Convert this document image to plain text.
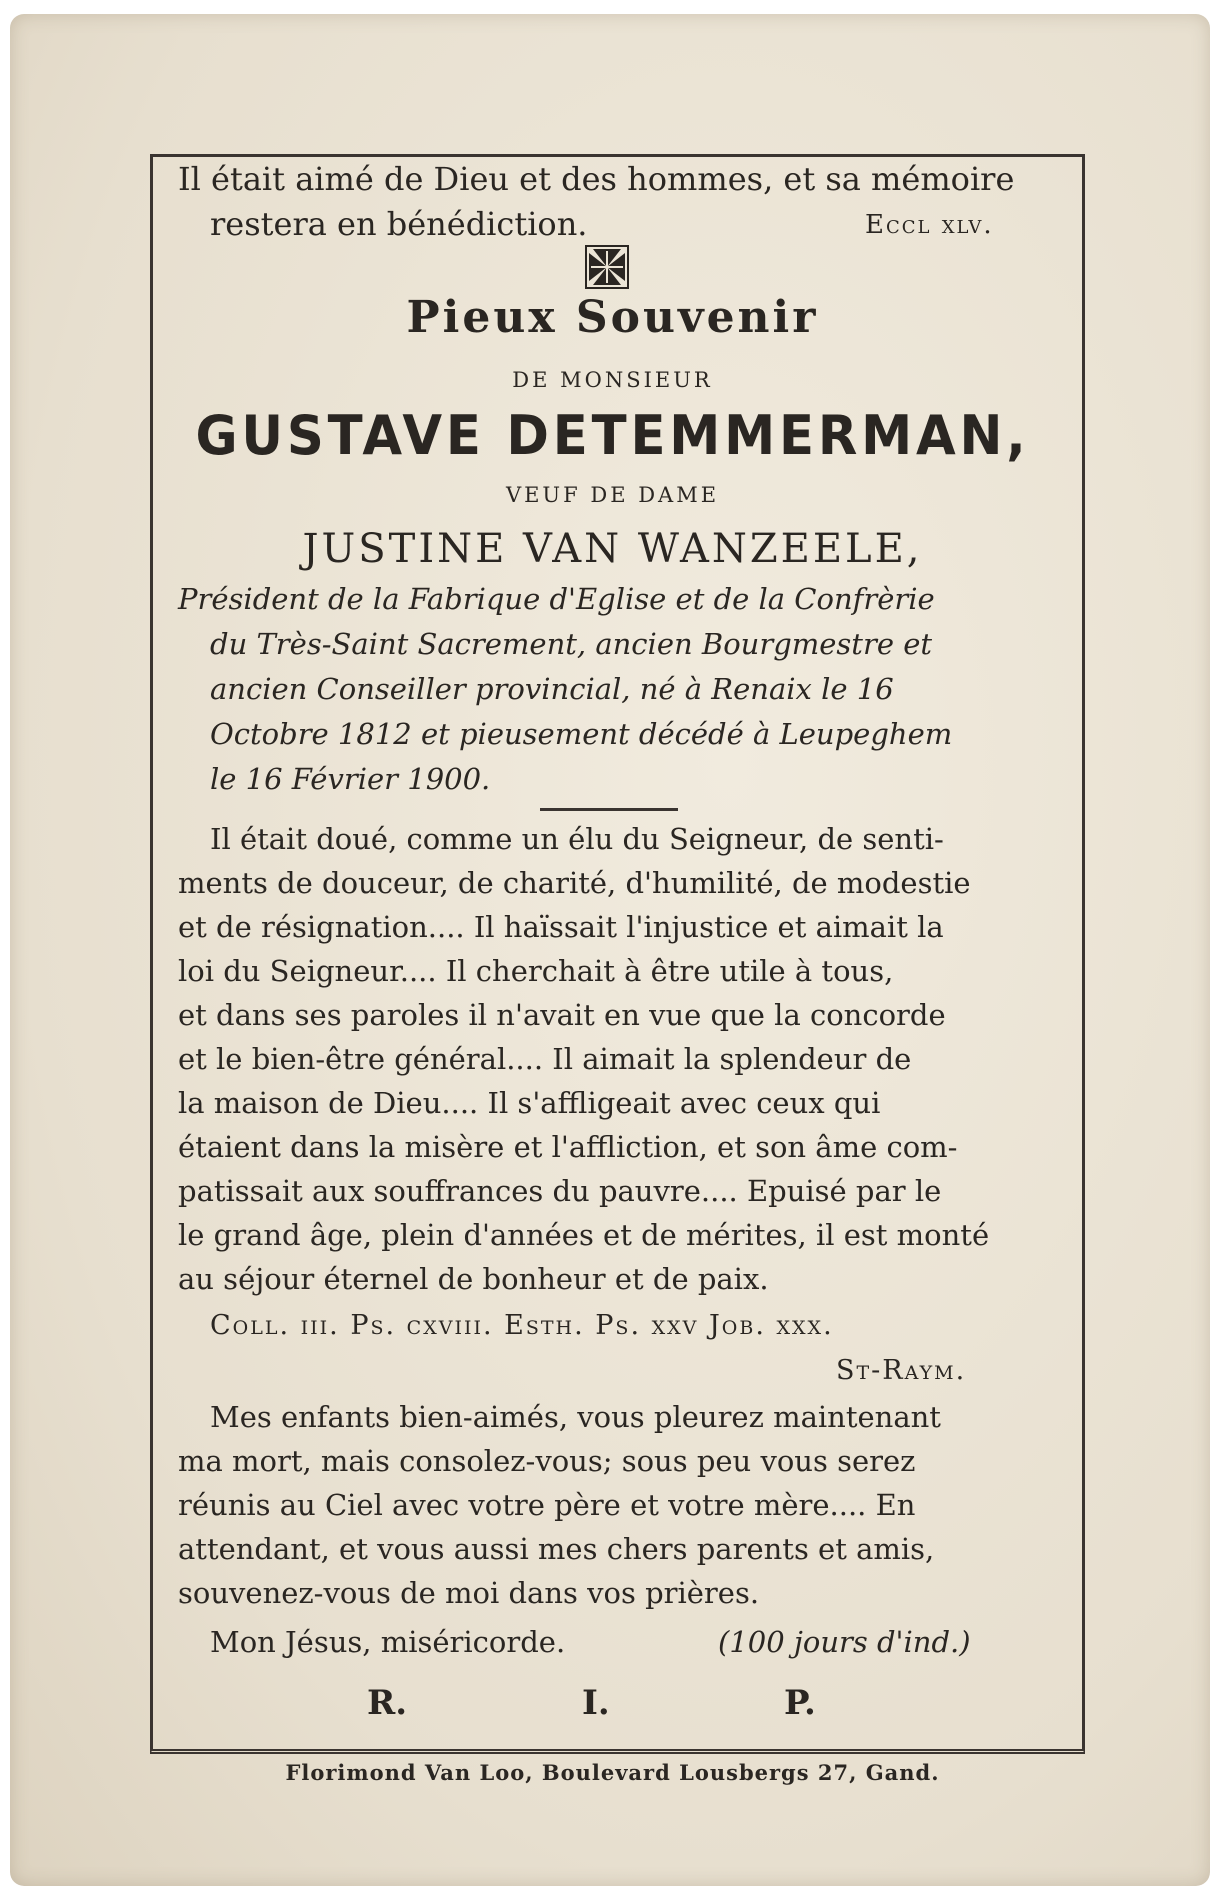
Il était aimé de Dieu et des hommes, et sa mémoire
restera en bénédiction.	Eccl xlv.
Pieux Souvenir
DE MONSIEUR
GUSTAVE DETEMMERMAN,
VEUF DE DAME
JUSTINE VAN WANZEELE,
Président de la Fabrique d'Eglise et de la Confrèrie
du Très-Saint Sacrement, ancien Bourgmestre et
ancien Conseiller provincial, né à Renaix le 16
Octobre 1812 et pieusement décédé à Leupeghem
le 16 Février 1900.
Il était doué, comme un élu du Seigneur, de senti-
ments de douceur, de charité, d'humilité, de modestie
et de résignation.... Il haïssait l'injustice et aimait la
loi du Seigneur.... Il cherchait à être utile à tous,
et dans ses paroles il n'avait en vue que la concorde
et le bien-être général.... Il aimait la splendeur de
la maison de Dieu.... Il s'affligeait avec ceux qui
étaient dans la misère et l'affliction, et son âme com-
patissait aux souffrances du pauvre.... Epuisé par le
le grand âge, plein d'années et de mérites, il est monté
au séjour éternel de bonheur et de paix.
Coll. iii. Ps. cxviii. Esth. Ps. xxv Job. xxx.
St-Raym.
Mes enfants bien-aimés, vous pleurez maintenant
ma mort, mais consolez-vous; sous peu vous serez
réunis au Ciel avec votre père et votre mère.... En
attendant, et vous aussi mes chers parents et amis,
souvenez-vous de moi dans vos prières.
Mon Jésus, miséricorde.	(100 jours d'ind.)
R.	I.	P.
Florimond Van Loo, Boulevard Lousbergs 27, Gand.
